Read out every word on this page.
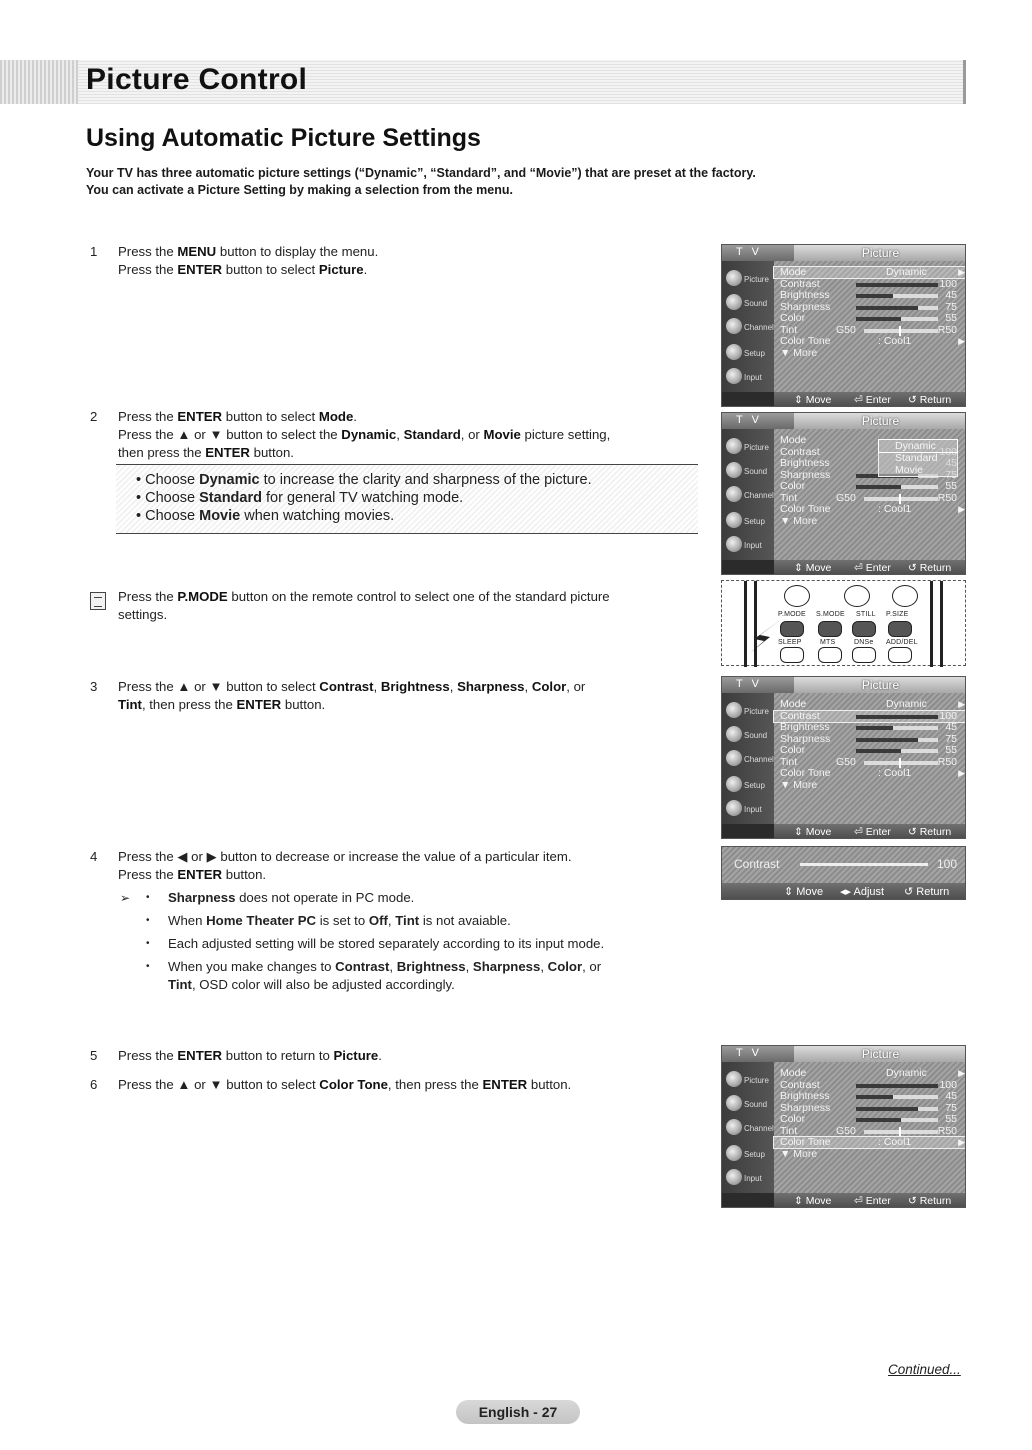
Picture Control
Using Automatic Picture Settings
Your TV has three automatic picture settings (“Dynamic”, “Standard”, and “Movie”) that are preset at the factory.
You can activate a Picture Setting by making a selection from the menu.
1	Press the MENU button to display the menu.
Press the ENTER button to select Picture.
2	Press the ENTER button to select Mode.
Press the ▲ or ▼ button to select the Dynamic, Standard, or Movie picture setting,
then press the ENTER button.
• Choose Dynamic to increase the clarity and sharpness of the picture.
• Choose Standard for general TV watching mode.
• Choose Movie when watching movies.
Press the P.MODE button on the remote control to select one of the standard picture
settings.
3	Press the ▲ or ▼ button to select Contrast, Brightness, Sharpness, Color, or
Tint, then press the ENTER button.
4	Press the ◀ or ▶ button to decrease or increase the value of a particular item.
Press the ENTER button.
➢	• Sharpness does not operate in PC mode.
• When Home Theater PC is set to Off, Tint is not avaiable.
• Each adjusted setting will be stored separately according to its input mode.
• When you make changes to Contrast, Brightness, Sharpness, Color, or
Tint, OSD color will also be adjusted accordingly.
5	Press the ENTER button to return to Picture.
6	Press the ▲ or ▼ button to select Color Tone, then press the ENTER button.
T V	Picture
Picture
Sound
Channel
Setup
Input
Mode	Dynamic	▶
Contrast	100
Brightness	45
Sharpness	75
Color	55
Tint	G50	R50
Color Tone	: Cool1	▶
▼ More
⇕ Move ⏎ Enter ↺ Return
T V	Picture
Picture
Sound
Channel
Setup
Input
Mode
Contrast
Brightness
Sharpness
Color	55
Tint	G50	R50
Color Tone	: Cool1	▶
▼ More
Dynamic
Standard
Movie
⇕ Move ⏎ Enter ↺ Return
T V	Picture
Picture
Sound
Channel
Setup
Input
Mode	Dynamic	▶
Contrast	100
Brightness	45
Sharpness	75
Color	55
Tint	G50	R50
Color Tone	: Cool1	▶
▼ More
⇕ Move ⏎ Enter ↺ Return
T V	Picture
Picture
Sound
Channel
Setup
Input
Mode	Dynamic	▶
Contrast	100
Brightness	45
Sharpness	75
Color	55
Tint	G50	R50
Color Tone	: Cool1	▶
▼ More
⇕ Move ⏎ Enter ↺ Return
P.MODE S.MODE STILL P.SIZE
SLEEP	MTS	DNSe ADD/DEL
Contrast	100
⇕ Move ◂▸ Adjust ↺ Return
Continued...
English - 27
